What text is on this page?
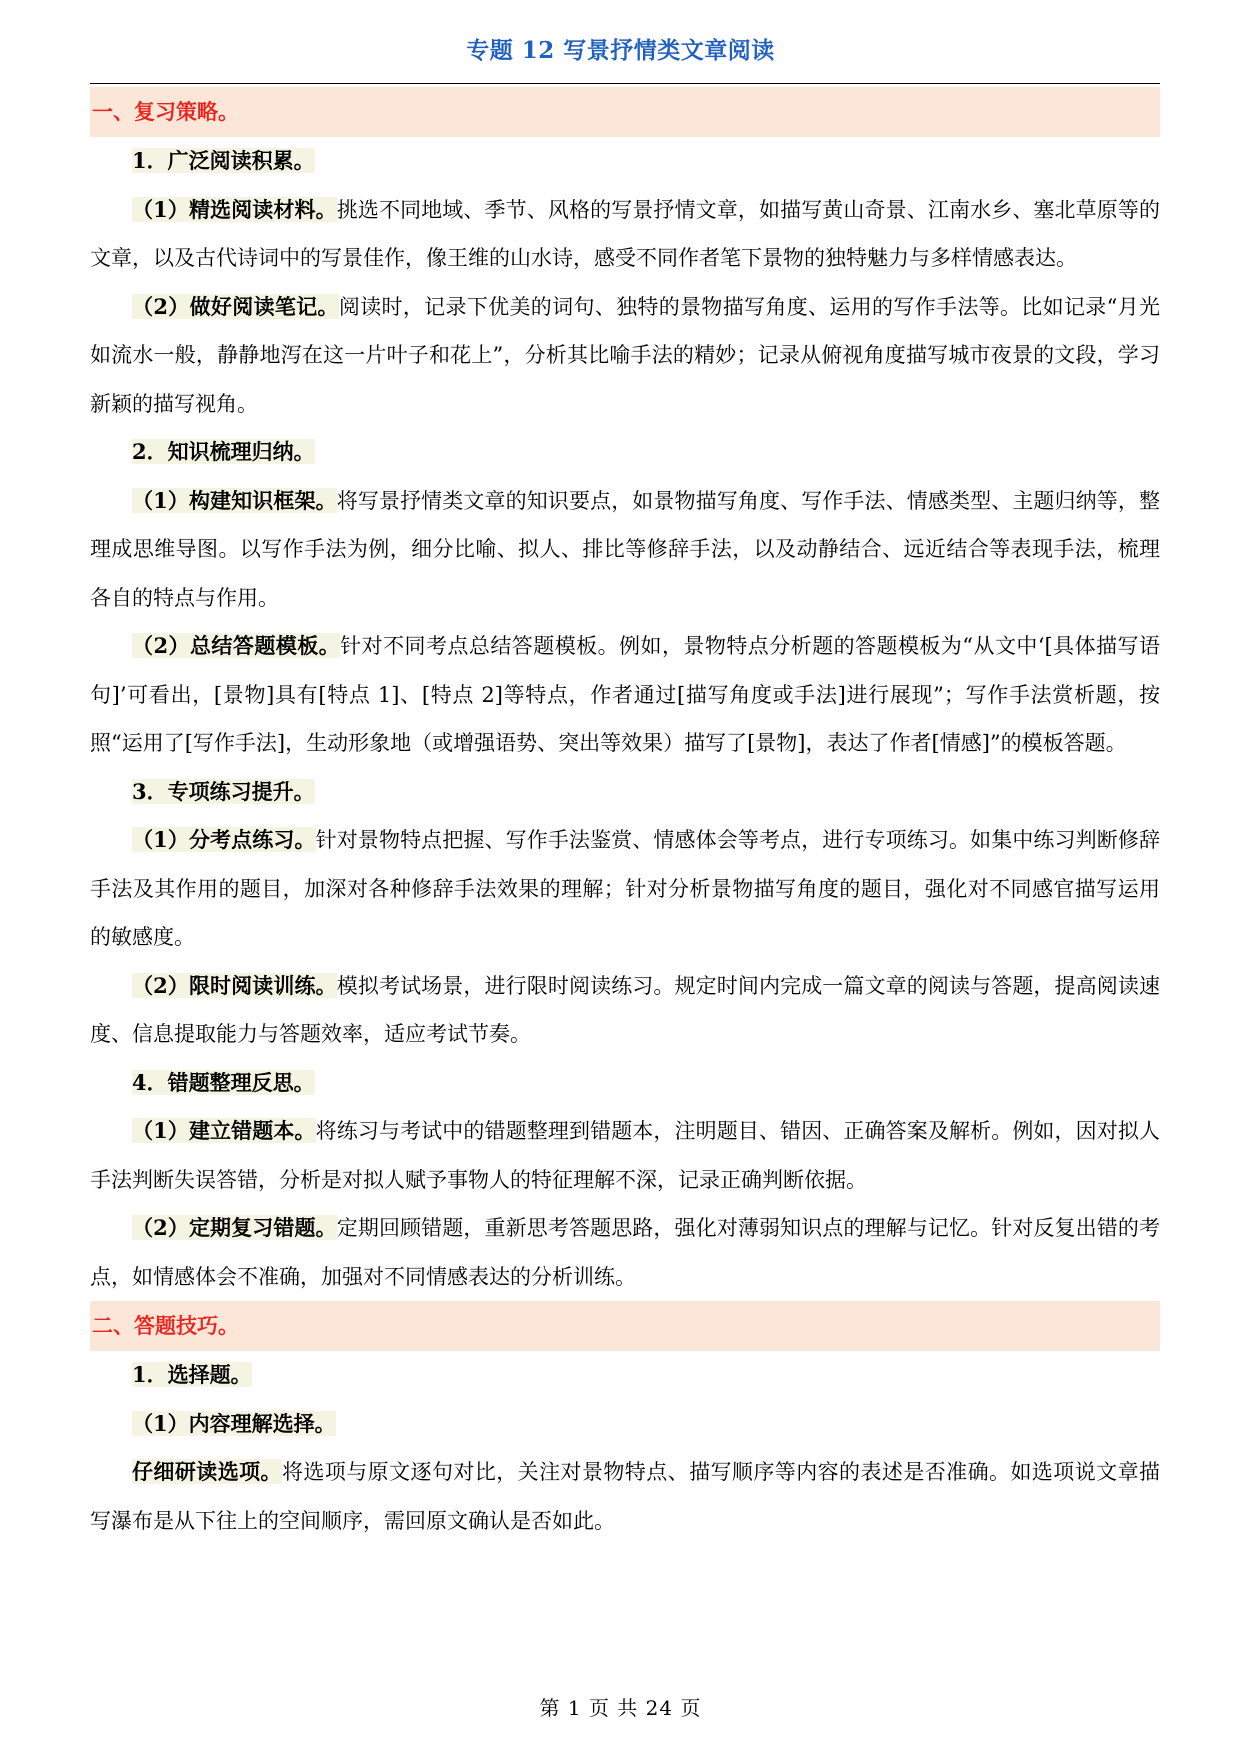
专题 12 写景抒情类文章阅读
一、复习策略。

1．广泛阅读积累。

（1）精选阅读材料。挑选不同地域、季节、风格的写景抒情文章，如描写黄山奇景、江南水乡、塞北草原等的文章，以及古代诗词中的写景佳作，像王维的山水诗，感受不同作者笔下景物的独特魅力与多样情感表达。

（2）做好阅读笔记。阅读时，记录下优美的词句、独特的景物描写角度、运用的写作手法等。比如记录“月光如流水一般，静静地泻在这一片叶子和花上”，分析其比喻手法的精妙；记录从俯视角度描写城市夜景的文段，学习新颖的描写视角。

2．知识梳理归纳。

（1）构建知识框架。将写景抒情类文章的知识要点，如景物描写角度、写作手法、情感类型、主题归纳等，整理成思维导图。以写作手法为例，细分比喻、拟人、排比等修辞手法，以及动静结合、远近结合等表现手法，梳理各自的特点与作用。

（2）总结答题模板。针对不同考点总结答题模板。例如，景物特点分析题的答题模板为“从文中‘[具体描写语句]’可看出，[景物]具有[特点 1]、[特点 2]等特点，作者通过[描写角度或手法]进行展现”；写作手法赏析题，按照“运用了[写作手法]，生动形象地（或增强语势、突出等效果）描写了[景物]，表达了作者[情感]”的模板答题。

3．专项练习提升。

（1）分考点练习。针对景物特点把握、写作手法鉴赏、情感体会等考点，进行专项练习。如集中练习判断修辞手法及其作用的题目，加深对各种修辞手法效果的理解；针对分析景物描写角度的题目，强化对不同感官描写运用的敏感度。

（2）限时阅读训练。模拟考试场景，进行限时阅读练习。规定时间内完成一篇文章的阅读与答题，提高阅读速度、信息提取能力与答题效率，适应考试节奏。

4．错题整理反思。

（1）建立错题本。将练习与考试中的错题整理到错题本，注明题目、错因、正确答案及解析。例如，因对拟人手法判断失误答错，分析是对拟人赋予事物人的特征理解不深，记录正确判断依据。

（2）定期复习错题。定期回顾错题，重新思考答题思路，强化对薄弱知识点的理解与记忆。针对反复出错的考点，如情感体会不准确，加强对不同情感表达的分析训练。

二、答题技巧。

1．选择题。

（1）内容理解选择。

仔细研读选项。将选项与原文逐句对比，关注对景物特点、描写顺序等内容的表述是否准确。如选项说文章描写瀑布是从下往上的空间顺序，需回原文确认是否如此。

第 1 页 共 24 页
